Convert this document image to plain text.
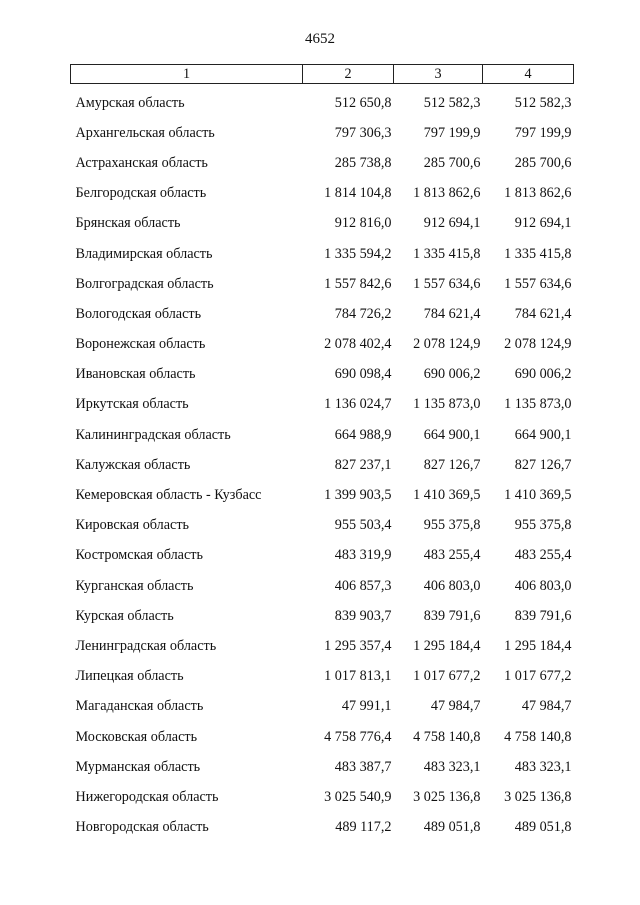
4652
1	2	3	4
Амурская область	512 650,8	512 582,3	512 582,3
Архангельская область	797 306,3	797 199,9	797 199,9
Астраханская область	285 738,8	285 700,6	285 700,6
Белгородская область	1 814 104,8	1 813 862,6	1 813 862,6
Брянская область	912 816,0	912 694,1	912 694,1
Владимирская область	1 335 594,2	1 335 415,8	1 335 415,8
Волгоградская область	1 557 842,6	1 557 634,6	1 557 634,6
Вологодская область	784 726,2	784 621,4	784 621,4
Воронежская область	2 078 402,4	2 078 124,9	2 078 124,9
Ивановская область	690 098,4	690 006,2	690 006,2
Иркутская область	1 136 024,7	1 135 873,0	1 135 873,0
Калининградская область	664 988,9	664 900,1	664 900,1
Калужская область	827 237,1	827 126,7	827 126,7
Кемеровская область - Кузбасс	1 399 903,5	1 410 369,5	1 410 369,5
Кировская область	955 503,4	955 375,8	955 375,8
Костромская область	483 319,9	483 255,4	483 255,4
Курганская область	406 857,3	406 803,0	406 803,0
Курская область	839 903,7	839 791,6	839 791,6
Ленинградская область	1 295 357,4	1 295 184,4	1 295 184,4
Липецкая область	1 017 813,1	1 017 677,2	1 017 677,2
Магаданская область	47 991,1	47 984,7	47 984,7
Московская область	4 758 776,4	4 758 140,8	4 758 140,8
Мурманская область	483 387,7	483 323,1	483 323,1
Нижегородская область	3 025 540,9	3 025 136,8	3 025 136,8
Новгородская область	489 117,2	489 051,8	489 051,8
